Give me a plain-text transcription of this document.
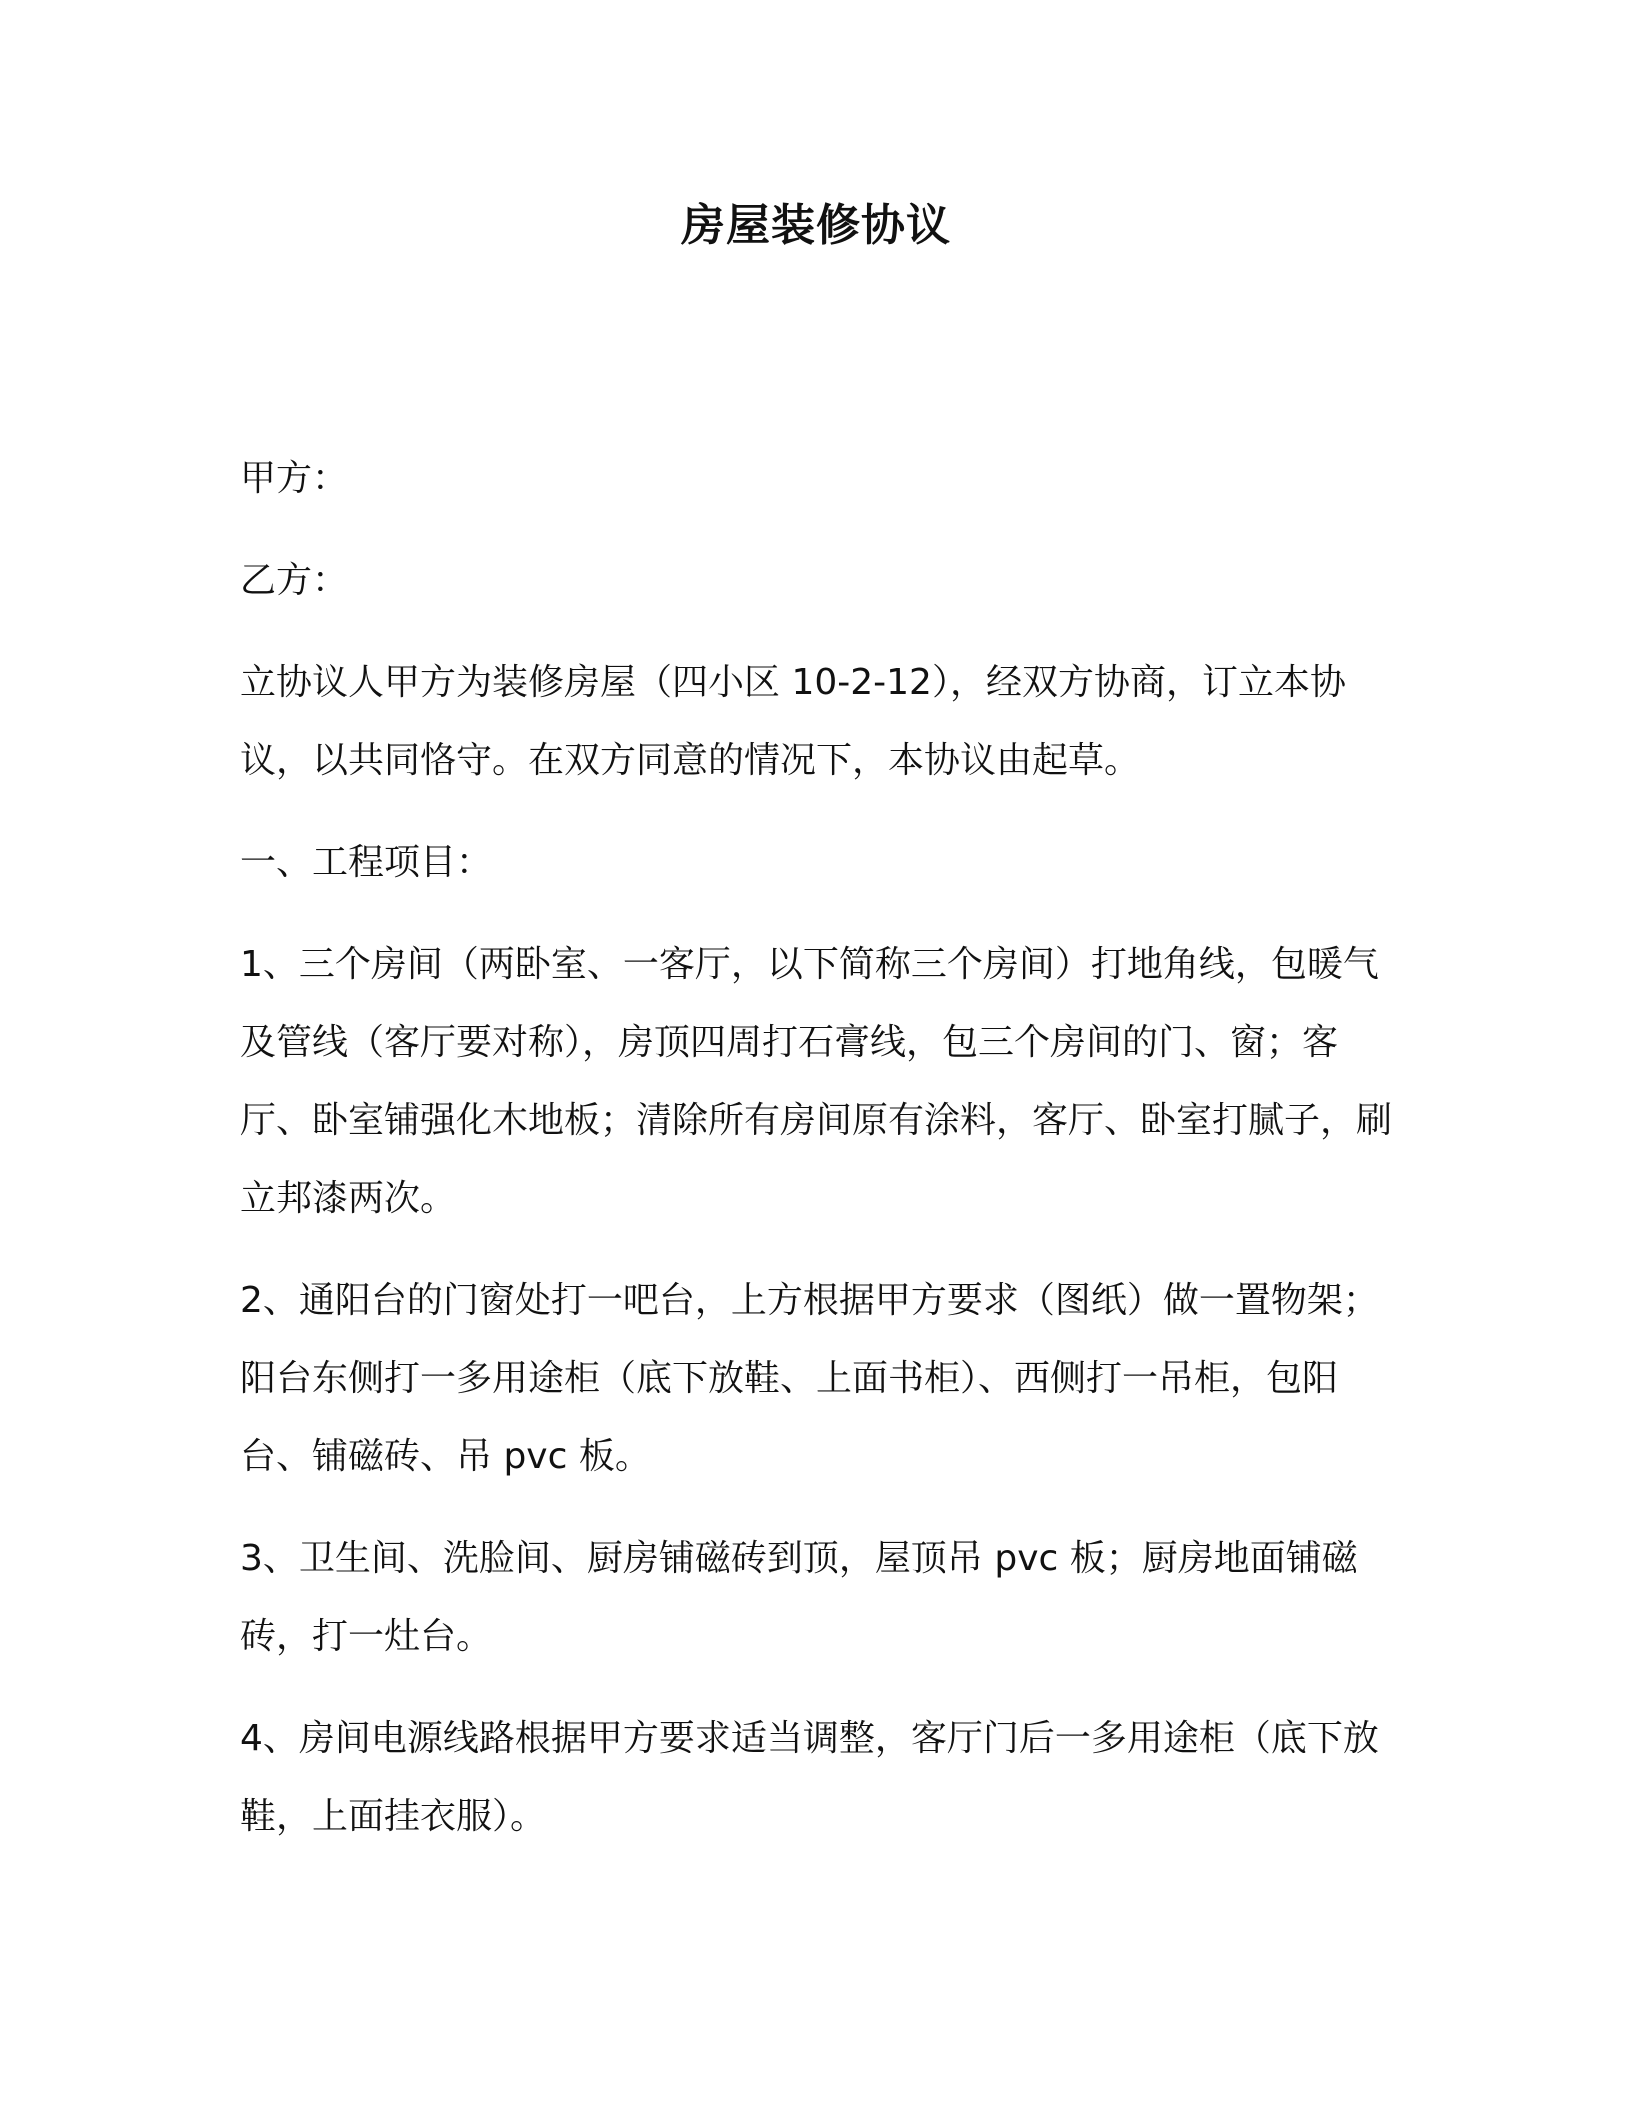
房屋装修协议

甲方：

乙方：

立协议人甲方为装修房屋（四小区 10-2-12），经双方协商，订立本协议，以共同恪守。在双方同意的情况下，本协议由起草。

一、工程项目：

1、三个房间（两卧室、一客厅，以下简称三个房间）打地角线，包暖气及管线（客厅要对称），房顶四周打石膏线，包三个房间的门、窗；客厅、卧室铺强化木地板；清除所有房间原有涂料，客厅、卧室打腻子，刷立邦漆两次。

2、通阳台的门窗处打一吧台，上方根据甲方要求（图纸）做一置物架；阳台东侧打一多用途柜（底下放鞋、上面书柜）、西侧打一吊柜，包阳台、铺磁砖、吊 pvc 板。

3、卫生间、洗脸间、厨房铺磁砖到顶，屋顶吊 pvc 板；厨房地面铺磁砖，打一灶台。

4、房间电源线路根据甲方要求适当调整，客厅门后一多用途柜（底下放鞋，上面挂衣服）。
